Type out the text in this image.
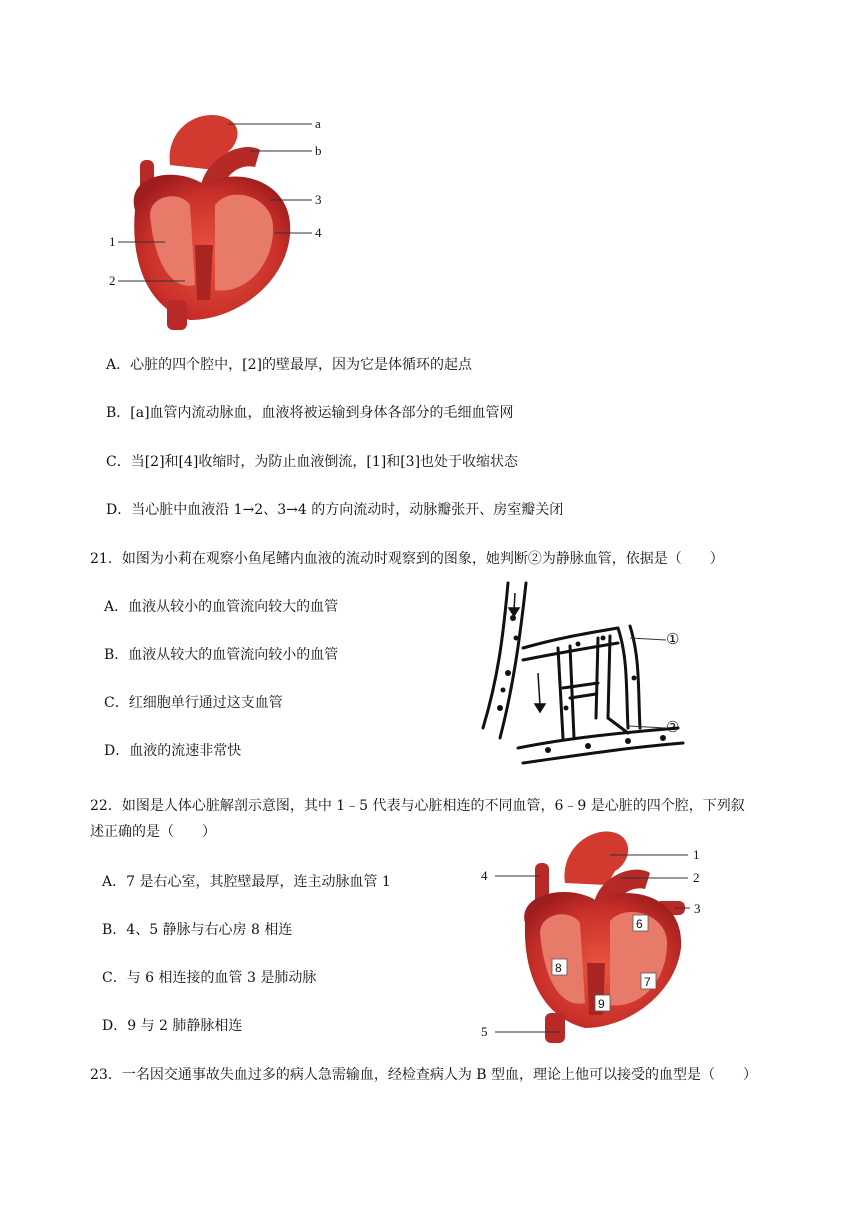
a
b
3
4
1
2
A．心脏的四个腔中，[2]的壁最厚，因为它是体循环的起点
B．[a]血管内流动脉血，血液将被运输到身体各部分的毛细血管网
C．当[2]和[4]收缩时，为防止血液倒流，[1]和[3]也处于收缩状态
D．当心脏中血液沿 1→2、3→4 的方向流动时，动脉瓣张开、房室瓣关闭
21．如图为小莉在观察小鱼尾鳍内血液的流动时观察到的图象，她判断②为静脉血管，依据是（　　）
A．血液从较小的血管流向较大的血管
B．血液从较大的血管流向较小的血管
C．红细胞单行通过这支血管
D．血液的流速非常快
①
②
22．如图是人体心脏解剖示意图，其中 1﹣5 代表与心脏相连的不同血管，6﹣9 是心脏的四个腔，下列叙
述正确的是（　　）
A．7 是右心室，其腔壁最厚，连主动脉血管 1
B．4、5 静脉与右心房 8 相连
C．与 6 相连接的血管 3 是肺动脉
D．9 与 2 肺静脉相连
6
8
7
9
1
2
3
4
5
23．一名因交通事故失血过多的病人急需输血，经检查病人为 B 型血，理论上他可以接受的血型是（　　）
